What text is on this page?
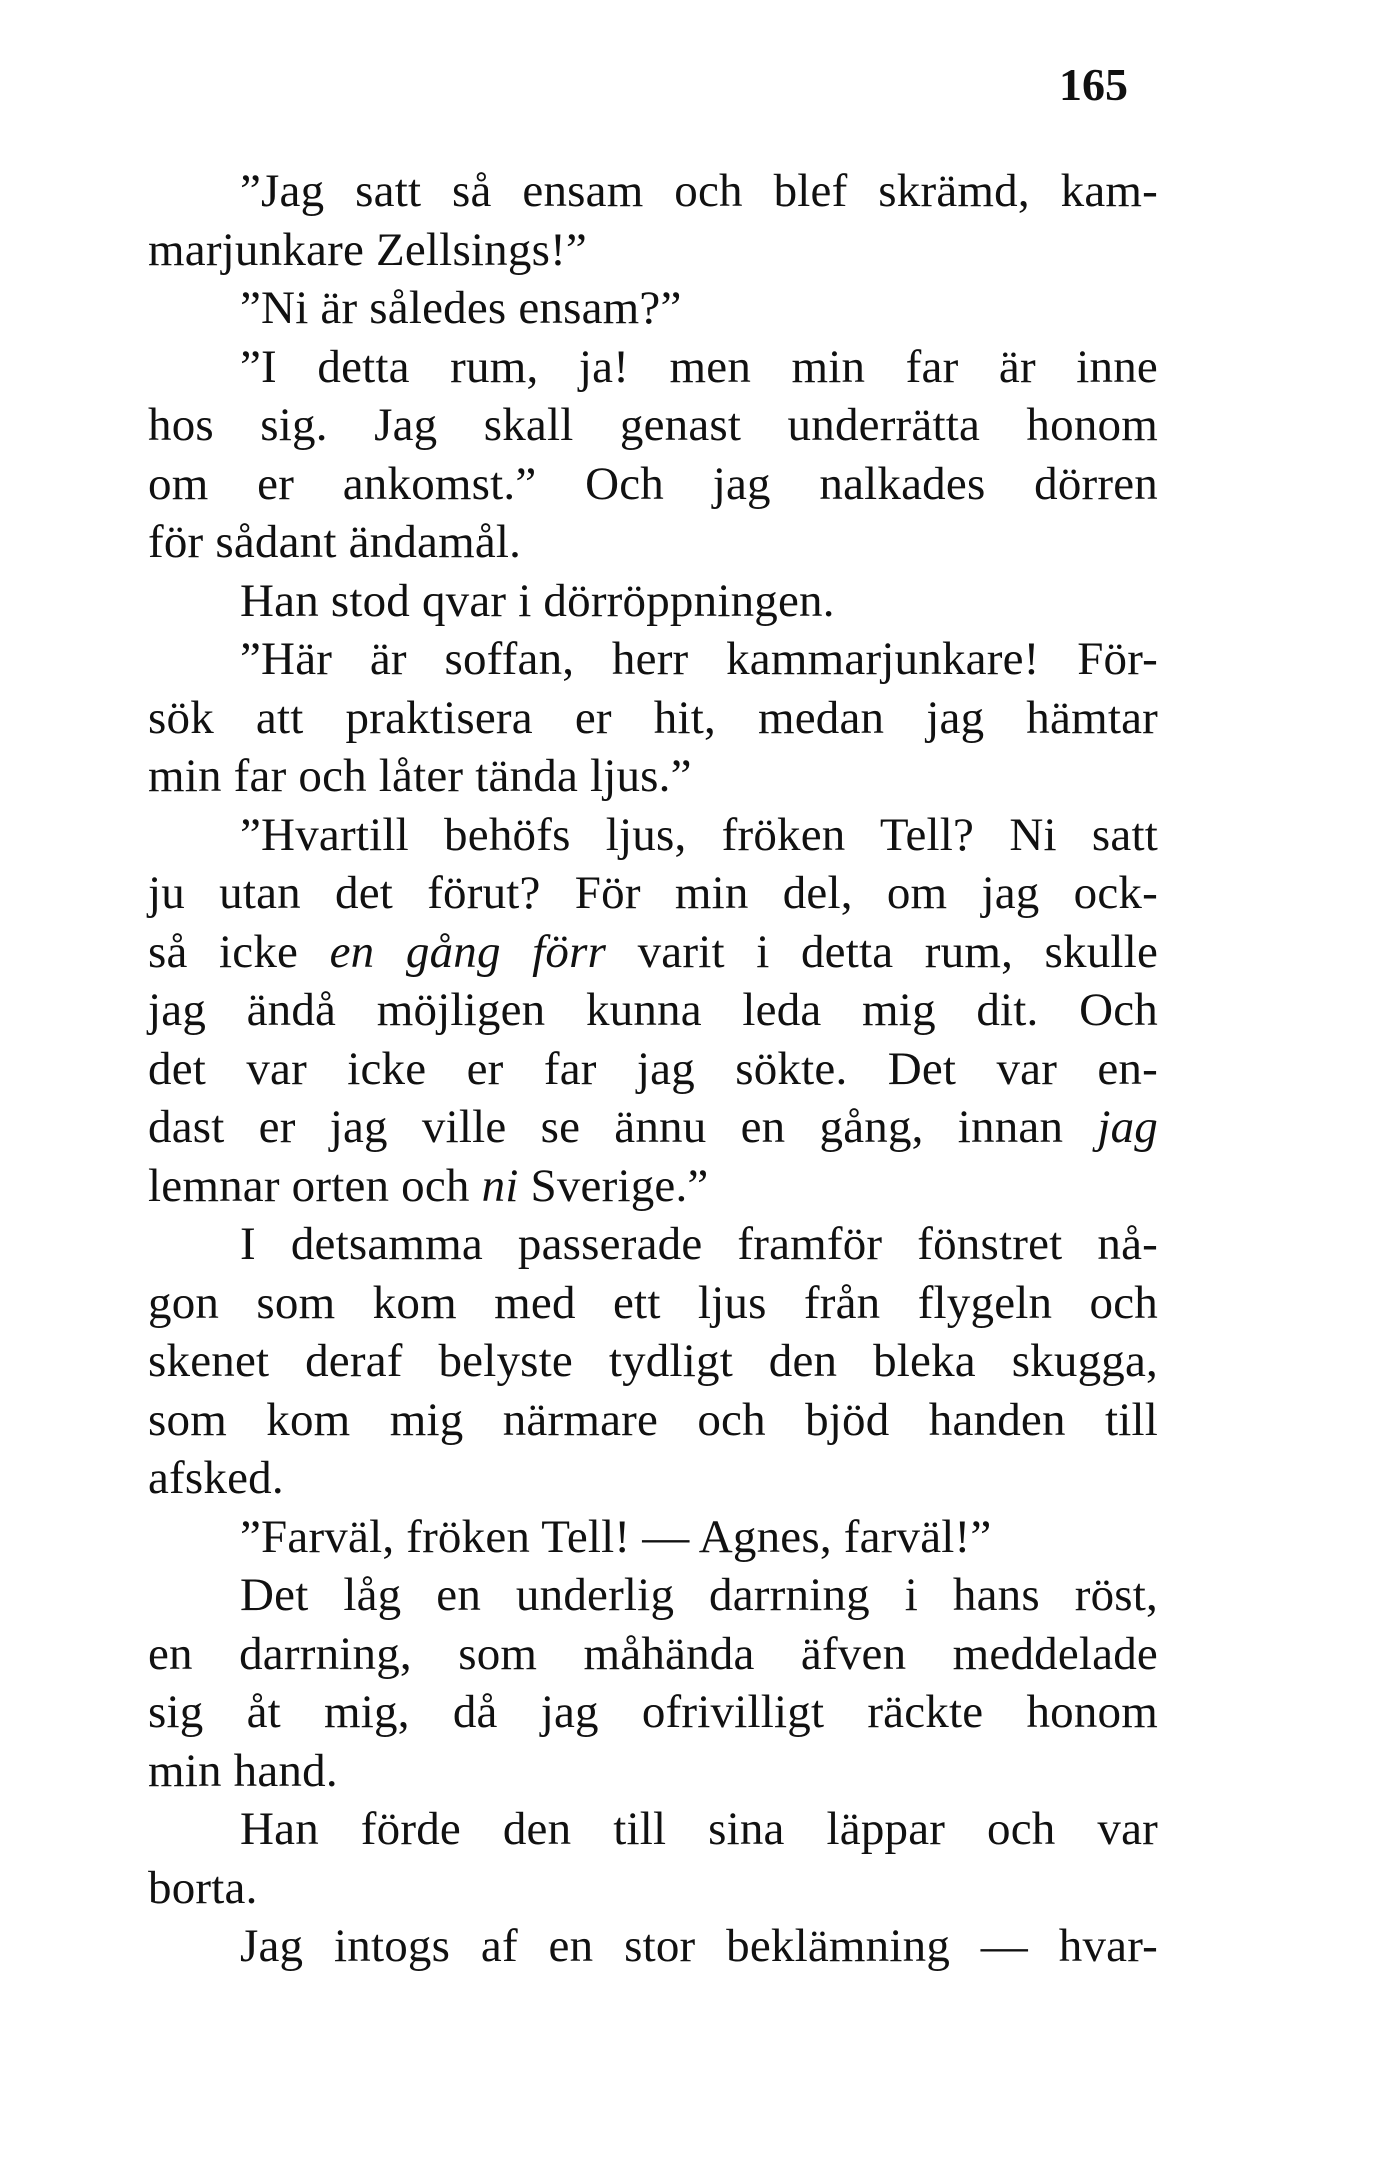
165
”Jag satt så ensam och blef skrämd, kam-
marjunkare Zellsings!”
”Ni är således ensam?”
”I detta rum, ja! men min far är inne
hos sig. Jag skall genast underrätta honom
om er ankomst.” Och jag nalkades dörren
för sådant ändamål.
Han stod qvar i dörröppningen.
”Här är soffan, herr kammarjunkare! För-
sök att praktisera er hit, medan jag hämtar
min far och låter tända ljus.”
”Hvartill behöfs ljus, fröken Tell? Ni satt
ju utan det förut? För min del, om jag ock-
så icke en gång förr varit i detta rum, skulle
jag ändå möjligen kunna leda mig dit. Och
det var icke er far jag sökte. Det var en-
dast er jag ville se ännu en gång, innan jag
lemnar orten och ni Sverige.”
I detsamma passerade framför fönstret nå-
gon som kom med ett ljus från flygeln och
skenet deraf belyste tydligt den bleka skugga,
som kom mig närmare och bjöd handen till
afsked.
”Farväl, fröken Tell! — Agnes, farväl!”
Det låg en underlig darrning i hans röst,
en darrning, som måhända äfven meddelade
sig åt mig, då jag ofrivilligt räckte honom
min hand.
Han förde den till sina läppar och var
borta.
Jag intogs af en stor beklämning — hvar-
